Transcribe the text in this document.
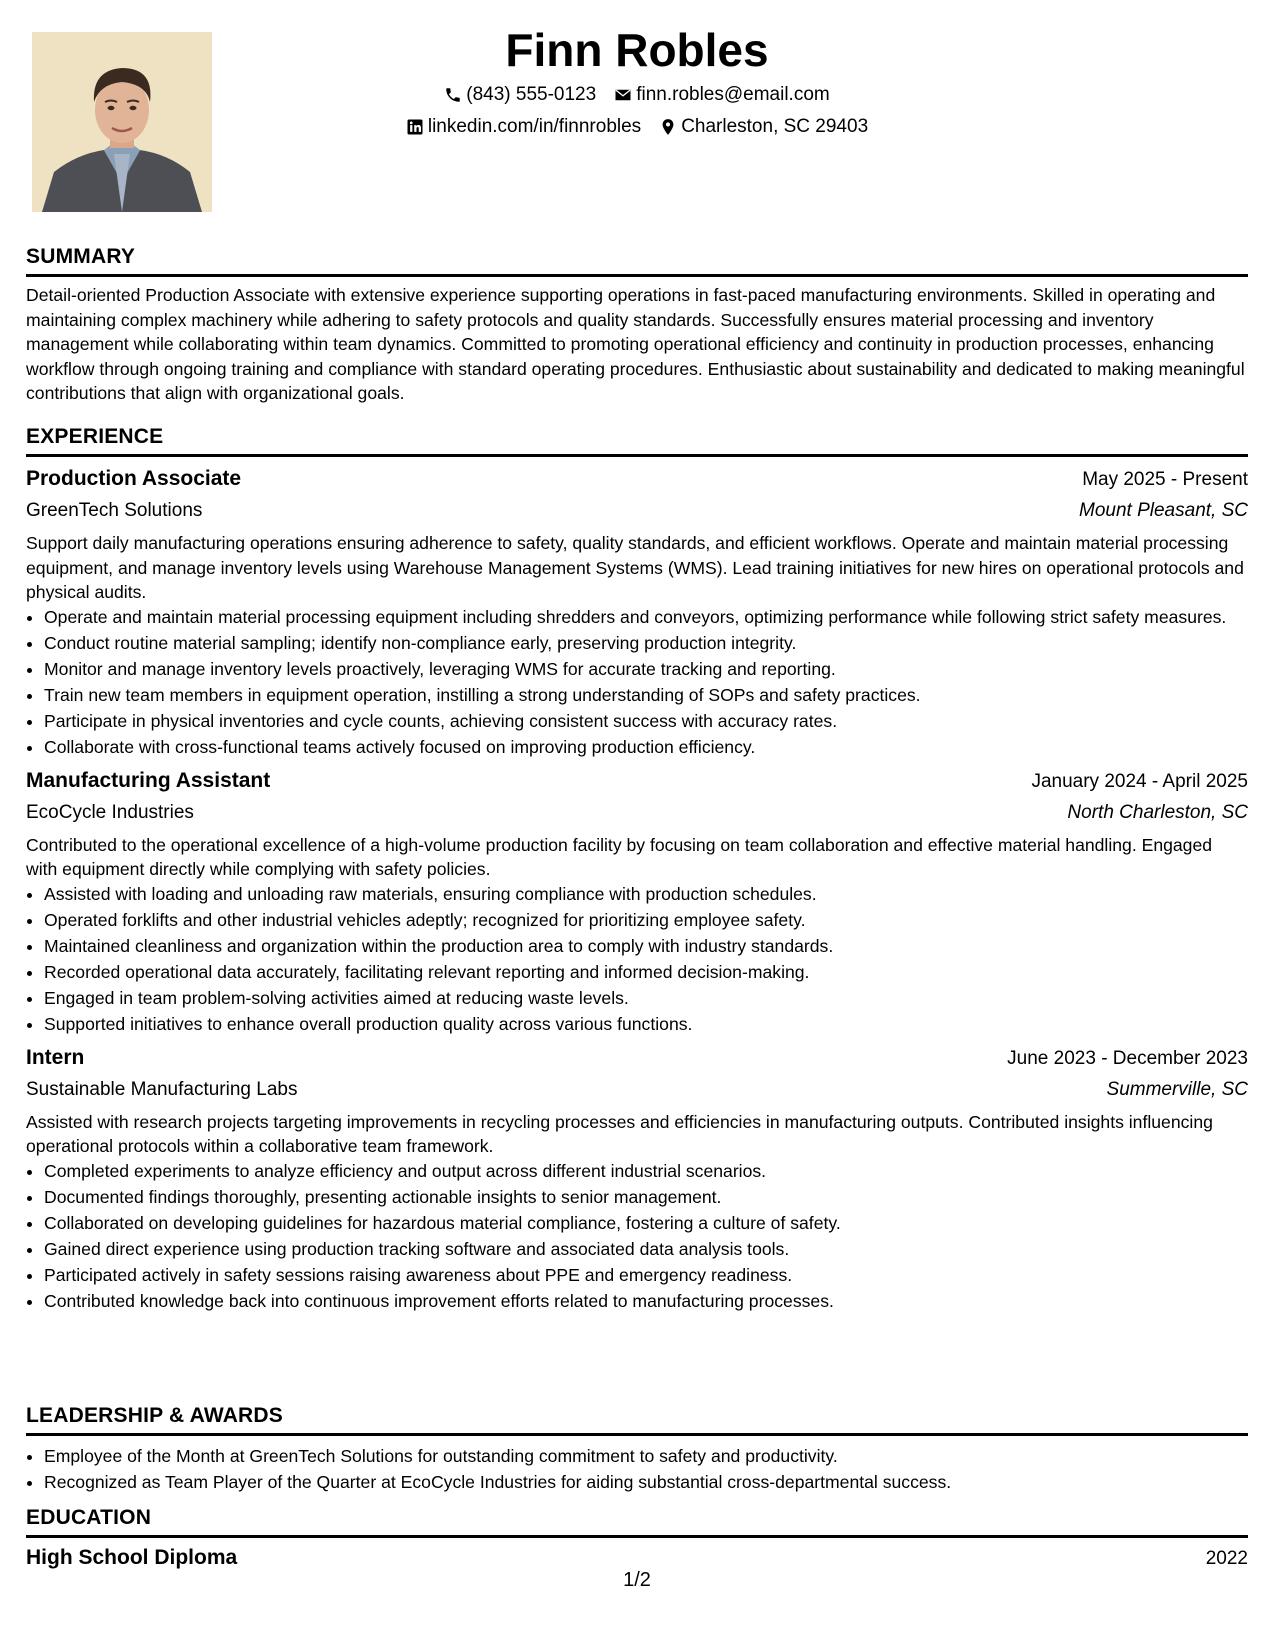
Finn Robles
(843) 555-0123 finn.robles@email.com
linkedin.com/in/finnrobles Charleston, SC 29403
SUMMARY
Detail-oriented Production Associate with extensive experience supporting operations in fast-paced manufacturing environments. Skilled in operating and maintaining complex machinery while adhering to safety protocols and quality standards. Successfully ensures material processing and inventory management while collaborating within team dynamics. Committed to promoting operational efficiency and continuity in production processes, enhancing workflow through ongoing training and compliance with standard operating procedures. Enthusiastic about sustainability and dedicated to making meaningful contributions that align with organizational goals.
EXPERIENCE
Production Associate	May 2025 - Present
GreenTech Solutions	Mount Pleasant, SC
Support daily manufacturing operations ensuring adherence to safety, quality standards, and efficient workflows. Operate and maintain material processing equipment, and manage inventory levels using Warehouse Management Systems (WMS). Lead training initiatives for new hires on operational protocols and physical audits.
• Operate and maintain material processing equipment including shredders and conveyors, optimizing performance while following strict safety measures.
• Conduct routine material sampling; identify non-compliance early, preserving production integrity.
• Monitor and manage inventory levels proactively, leveraging WMS for accurate tracking and reporting.
• Train new team members in equipment operation, instilling a strong understanding of SOPs and safety practices.
• Participate in physical inventories and cycle counts, achieving consistent success with accuracy rates.
• Collaborate with cross-functional teams actively focused on improving production efficiency.
Manufacturing Assistant	January 2024 - April 2025
EcoCycle Industries	North Charleston, SC
Contributed to the operational excellence of a high-volume production facility by focusing on team collaboration and effective material handling. Engaged with equipment directly while complying with safety policies.
• Assisted with loading and unloading raw materials, ensuring compliance with production schedules.
• Operated forklifts and other industrial vehicles adeptly; recognized for prioritizing employee safety.
• Maintained cleanliness and organization within the production area to comply with industry standards.
• Recorded operational data accurately, facilitating relevant reporting and informed decision-making.
• Engaged in team problem-solving activities aimed at reducing waste levels.
• Supported initiatives to enhance overall production quality across various functions.
Intern	June 2023 - December 2023
Sustainable Manufacturing Labs	Summerville, SC
Assisted with research projects targeting improvements in recycling processes and efficiencies in manufacturing outputs. Contributed insights influencing operational protocols within a collaborative team framework.
• Completed experiments to analyze efficiency and output across different industrial scenarios.
• Documented findings thoroughly, presenting actionable insights to senior management.
• Collaborated on developing guidelines for hazardous material compliance, fostering a culture of safety.
• Gained direct experience using production tracking software and associated data analysis tools.
• Participated actively in safety sessions raising awareness about PPE and emergency readiness.
• Contributed knowledge back into continuous improvement efforts related to manufacturing processes.
LEADERSHIP & AWARDS
• Employee of the Month at GreenTech Solutions for outstanding commitment to safety and productivity.
• Recognized as Team Player of the Quarter at EcoCycle Industries for aiding substantial cross-departmental success.
EDUCATION
High School Diploma	2022
1/2
